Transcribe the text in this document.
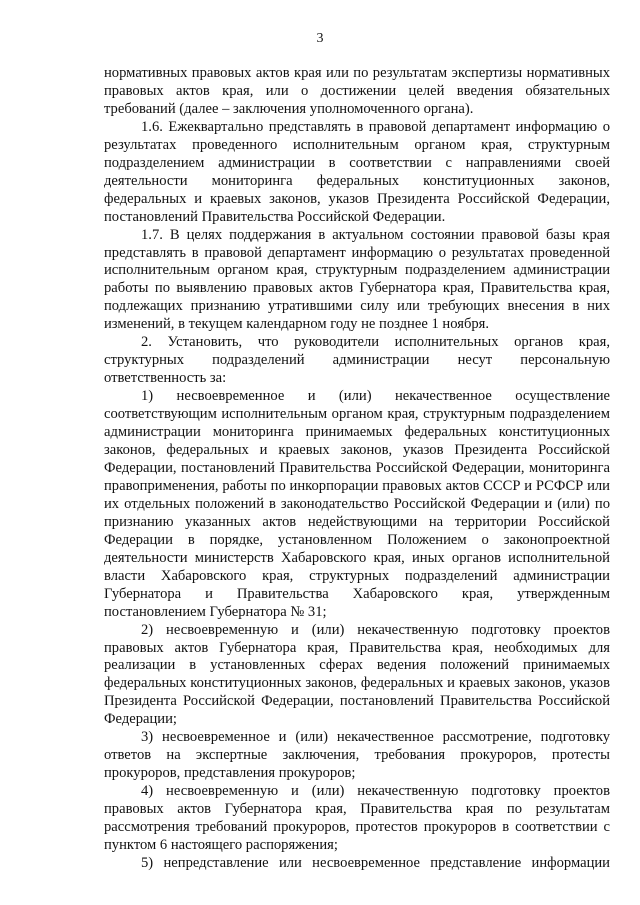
3

нормативных правовых актов края или по результатам экспертизы нормативных правовых актов края, или о достижении целей введения обязательных требований (далее – заключения уполномоченного органа).

1.6. Ежеквартально представлять в правовой департамент информацию о результатах проведенного исполнительным органом края, структурным подразделением администрации в соответствии с направлениями своей деятельности мониторинга федеральных конституционных законов, федеральных и краевых законов, указов Президента Российской Федерации, постановлений Правительства Российской Федерации.

1.7. В целях поддержания в актуальном состоянии правовой базы края представлять в правовой департамент информацию о результатах проведенной исполнительным органом края, структурным подразделением администрации работы по выявлению правовых актов Губернатора края, Правительства края, подлежащих признанию утратившими силу или требующих внесения в них изменений, в текущем календарном году не позднее 1 ноября.

2. Установить, что руководители исполнительных органов края, структурных подразделений администрации несут персональную ответственность за:

1) несвоевременное и (или) некачественное осуществление соответствующим исполнительным органом края, структурным подразделением администрации мониторинга принимаемых федеральных конституционных законов, федеральных и краевых законов, указов Президента Российской Федерации, постановлений Правительства Российской Федерации, мониторинга правоприменения, работы по инкорпорации правовых актов СССР и РСФСР или их отдельных положений в законодательство Российской Федерации и (или) по признанию указанных актов недействующими на территории Российской Федерации в порядке, установленном Положением о законопроектной деятельности министерств Хабаровского края, иных органов исполнительной власти Хабаровского края, структурных подразделений администрации Губернатора и Правительства Хабаровского края, утвержденным постановлением Губернатора № 31;

2) несвоевременную и (или) некачественную подготовку проектов правовых актов Губернатора края, Правительства края, необходимых для реализации в установленных сферах ведения положений принимаемых федеральных конституционных законов, федеральных и краевых законов, указов Президента Российской Федерации, постановлений Правительства Российской Федерации;

3) несвоевременное и (или) некачественное рассмотрение, подготовку ответов на экспертные заключения, требования прокуроров, протесты прокуроров, представления прокуроров;

4) несвоевременную и (или) некачественную подготовку проектов правовых актов Губернатора края, Правительства края по результатам рассмотрения требований прокуроров, протестов прокуроров в соответствии с пунктом 6 настоящего распоряжения;

5) непредставление или несвоевременное представление информации
